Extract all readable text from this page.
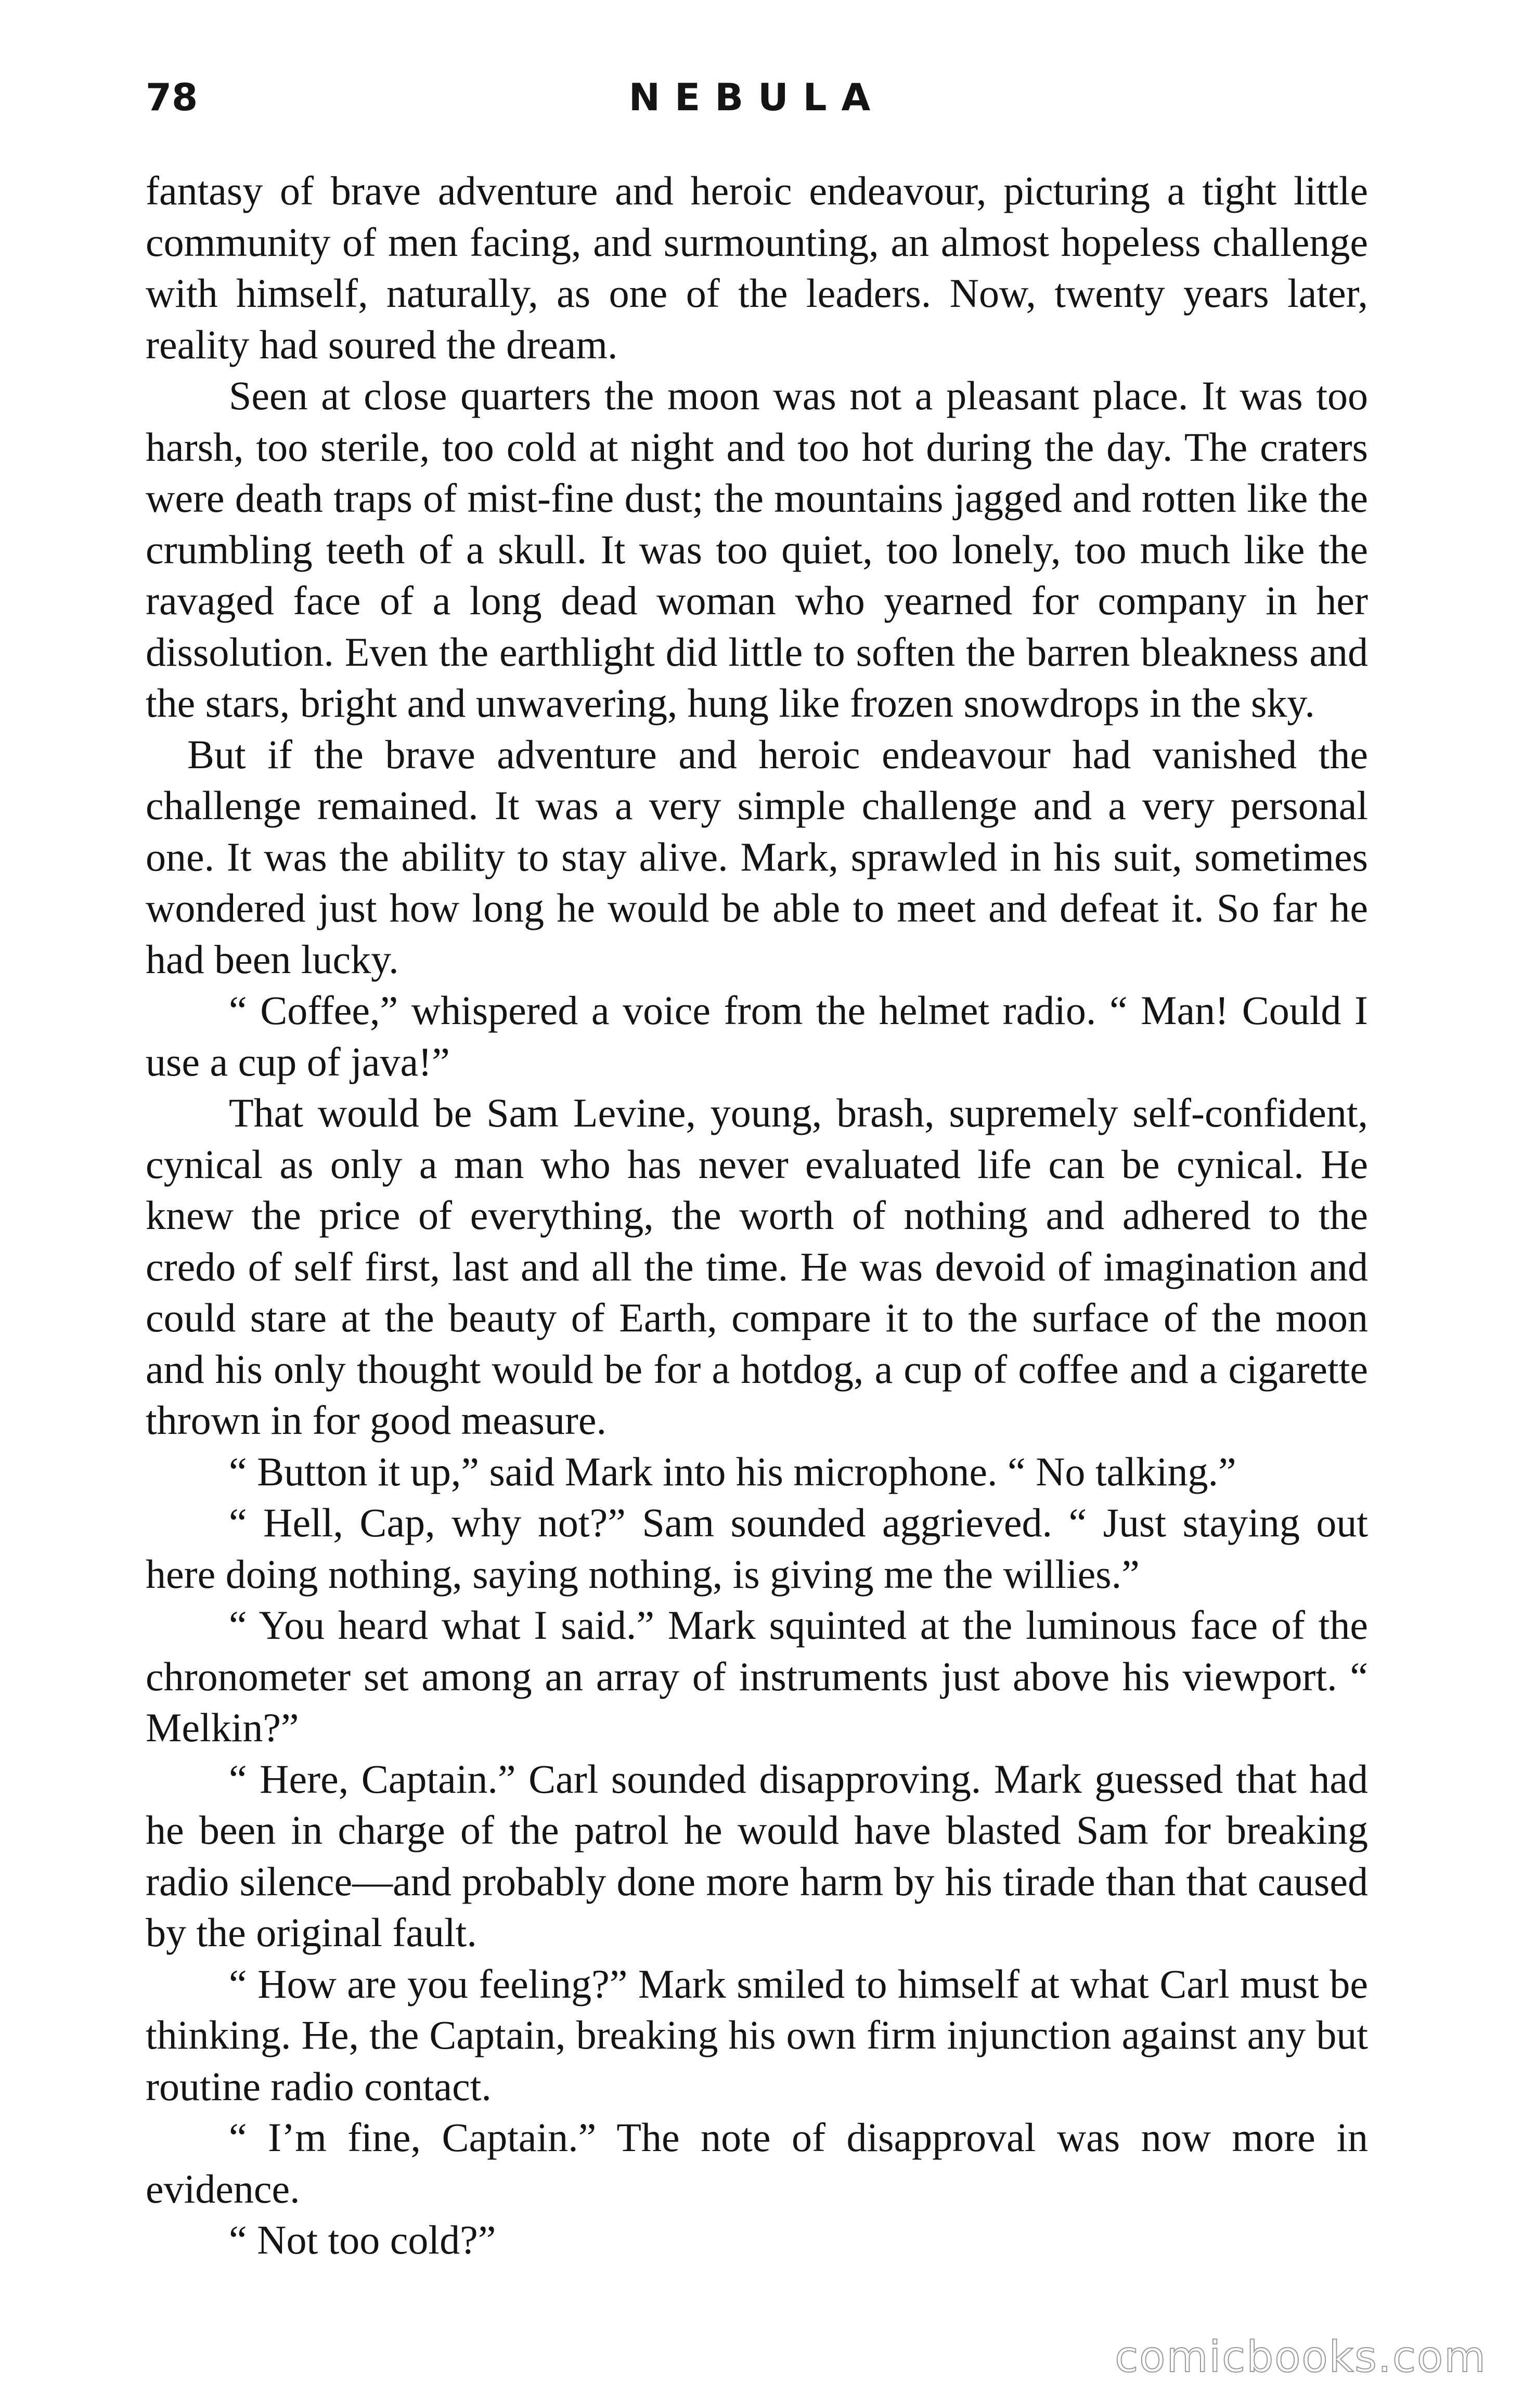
78	NEBULA

fantasy of brave adventure and heroic endeavour, picturing a tight little community of men facing, and surmounting, an almost hopeless challenge with himself, naturally, as one of the leaders. Now, twenty years later, reality had soured the dream.

Seen at close quarters the moon was not a pleasant place. It was too harsh, too sterile, too cold at night and too hot during the day. The craters were death traps of mist-fine dust; the mountains jagged and rotten like the crumbling teeth of a skull. It was too quiet, too lonely, too much like the ravaged face of a long dead woman who yearned for company in her dissolution. Even the earthlight did little to soften the barren bleakness and the stars, bright and unwavering, hung like frozen snowdrops in the sky.

But if the brave adventure and heroic endeavour had vanished the challenge remained. It was a very simple challenge and a very personal one. It was the ability to stay alive. Mark, sprawled in his suit, sometimes wondered just how long he would be able to meet and defeat it. So far he had been lucky.

“ Coffee,” whispered a voice from the helmet radio. “ Man! Could I use a cup of java!”

That would be Sam Levine, young, brash, supremely self-confident, cynical as only a man who has never evaluated life can be cynical. He knew the price of everything, the worth of nothing and adhered to the credo of self first, last and all the time. He was devoid of imagination and could stare at the beauty of Earth, compare it to the surface of the moon and his only thought would be for a hotdog, a cup of coffee and a cigarette thrown in for good measure.

“ Button it up,” said Mark into his microphone. “ No talking.”

“ Hell, Cap, why not?” Sam sounded aggrieved. “ Just staying out here doing nothing, saying nothing, is giving me the willies.”

“ You heard what I said.” Mark squinted at the luminous face of the chronometer set among an array of instruments just above his viewport. “ Melkin?”

“ Here, Captain.” Carl sounded disapproving. Mark guessed that had he been in charge of the patrol he would have blasted Sam for breaking radio silence—and probably done more harm by his tirade than that caused by the original fault.

“ How are you feeling?” Mark smiled to himself at what Carl must be thinking. He, the Captain, breaking his own firm injunction against any but routine radio contact.

“ I’m fine, Captain.” The note of disapproval was now more in evidence.

“ Not too cold?”

comicbooks.com
